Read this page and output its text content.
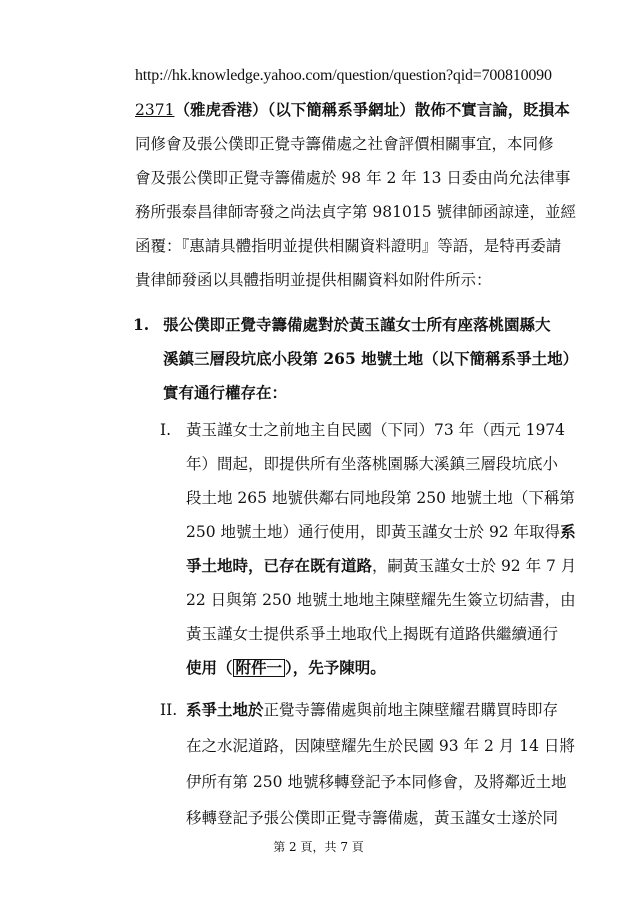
http://hk.knowledge.yahoo.com/question/question?qid=700810090
2371（雅虎香港）（以下簡稱系爭網址）散佈不實言論，貶損本
同修會及張公僕即正覺寺籌備處之社會評價相關事宜，本同修
會及張公僕即正覺寺籌備處於 98 年 2 年 13 日委由尚允法律事
務所張泰昌律師寄發之尚法貞字第 981015 號律師函諒達，並經
函覆：『惠請具體指明並提供相關資料證明』等語，是特再委請
貴律師發函以具體指明並提供相關資料如附件所示：
1. 張公僕即正覺寺籌備處對於黃玉謹女士所有座落桃園縣大
溪鎮三層段坑底小段第 265 地號土地（以下簡稱系爭土地）
實有通行權存在：
I. 黃玉謹女士之前地主自民國（下同）73 年（西元 1974
年）間起，即提供所有坐落桃園縣大溪鎮三層段坑底小
段土地 265 地號供鄰右同地段第 250 地號土地（下稱第
250 地號土地）通行使用，即黃玉謹女士於 92 年取得系
爭土地時，已存在既有道路，嗣黃玉謹女士於 92 年 7 月
22 日與第 250 地號土地地主陳壁耀先生簽立切結書，由
黃玉謹女士提供系爭土地取代上揭既有道路供繼續通行
使用（ 附件一 ），先予陳明。
II. 系爭土地於正覺寺籌備處與前地主陳壁耀君購買時即存
在之水泥道路，因陳壁耀先生於民國 93 年 2 月 14 日將
伊所有第 250 地號移轉登記予本同修會，及將鄰近土地
移轉登記予張公僕即正覺寺籌備處，黃玉謹女士遂於同
第 2 頁，共 7 頁
